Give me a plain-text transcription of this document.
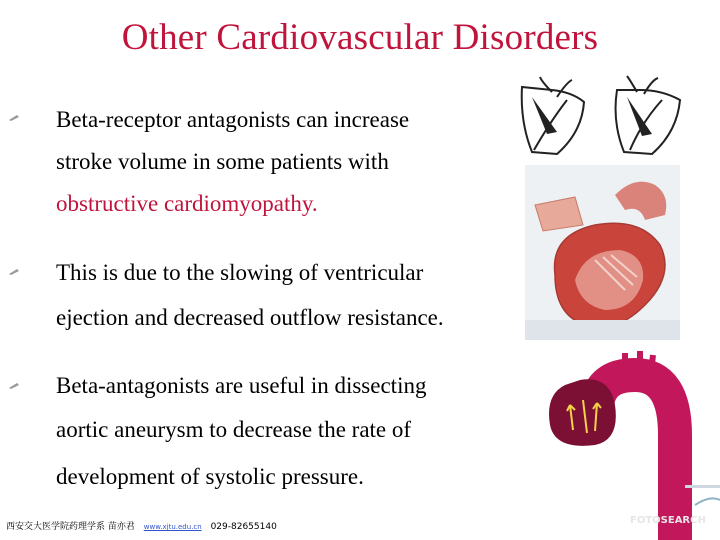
Other Cardiovascular Disorders
Beta-receptor antagonists can increase
stroke volume in some patients with
obstructive cardiomyopathy.
This is due to the slowing of ventricular
ejection and decreased outflow resistance.
Beta-antagonists are useful in dissecting
aortic aneurysm to decrease the rate of
development of systolic pressure.
FOTOSEARCH
西安交大医学院药理学系 苗亦君 www.xjtu.edu.cn 029-82655140
